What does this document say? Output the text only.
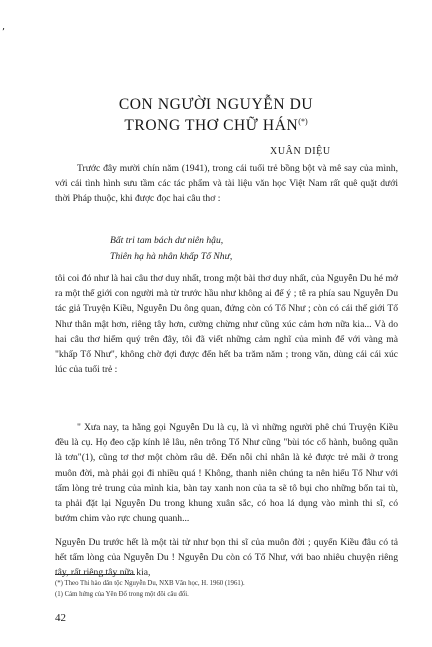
’
CON NGƯỜI NGUYỄN DU
TRONG THƠ CHỮ HÁN(*)
XUÂN DIỆU

Trước đây mười chín năm (1941), trong cái tuổi trẻ bồng bột và mê say của mình, với cái tình hình sưu tầm các tác phẩm và tài liệu văn học Việt Nam rất quê quặt dưới thời Pháp thuộc, khi được đọc hai câu thơ :

Bất tri tam bách dư niên hậu,
Thiên hạ hà nhân khấp Tố Như,

tôi coi đó như là hai câu thơ duy nhất, trong một bài thơ duy nhất, của Nguyễn Du hé mở ra một thế giới con người mà từ trước hầu như không ai để ý ; tê ra phía sau Nguyễn Du tác giả Truyện Kiều, Nguyễn Du ông quan, đứng còn có Tố Như ; còn có cái thế giới Tố Như thân mật hơn, riêng tây hơn, cường chừng như cũng xúc cảm hơn nữa kia... Và do hai câu thơ hiếm quý trên đây, tôi đã viết những cảm nghĩ của mình để với vàng mà "khấp Tố Như", không chờ đợi được đến hết ba trăm năm ; trong văn, dùng cái cái xúc lúc của tuổi trẻ :

" Xưa nay, ta hằng gọi Nguyễn Du là cụ, là vì những người phê chú Truyện Kiều đều là cụ. Họ đeo cặp kính lê lâu, nên trông Tố Như cũng "bùi tóc cổ hành, buông quần là tơn"(1), cũng tơ thơ một chòm râu dê. Đến nỗi chỉ nhân là kẻ được trẻ mãi ở trong muôn đời, mà phải gọi đi nhiều quá ! Không, thanh niên chúng ta nên hiểu Tố Như với tấm lòng trẻ trung của mình kia, bàn tay xanh non của ta sẽ tô bụi cho những bốn tai tù, ta phải đặt lại Nguyễn Du trong khung xuân sắc, có hoa lá dụng vào mình thi sĩ, có bướm chim vào rực chung quanh...

Nguyễn Du trước hết là một tài tử như bọn thi sĩ của muôn đời ; quyển Kiều đâu có tả hết tấm lòng của Nguyễn Du ! Nguyễn Du còn có Tố Như, với bao nhiêu chuyện riêng tây, rất riêng tây nữa kia,

(*) Theo Thi hào dân tộc Nguyễn Du, NXB Văn học, H. 1960 (1961).
(1) Cảm hứng của Yên Đổ trong một đôi câu đối.
42
